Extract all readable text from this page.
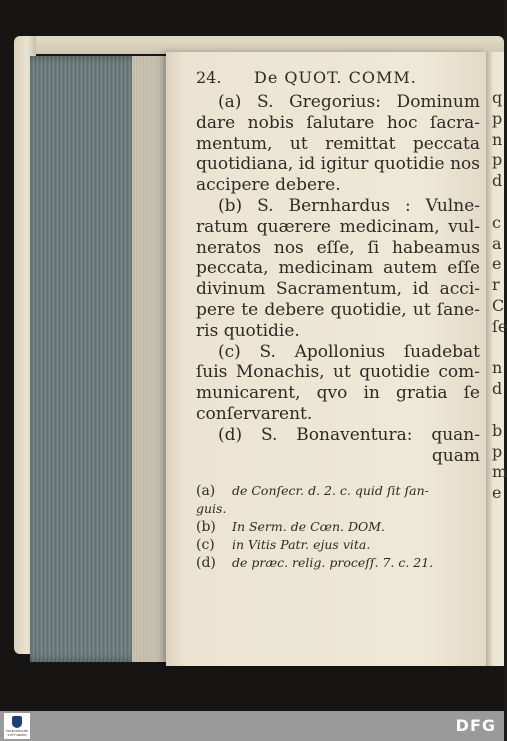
q
p
n
p
d
c
a
e
r
C
ſe
n
d
b
p
m
e
24. De QUOT. COMM.
(a) S. Gregorius: Dominum
dare nobis ſalutare hoc ſacra-
mentum, ut remittat peccata
quotidiana, id igitur quotidie nos
accipere debere.
(b) S. Bernhardus : Vulne-
ratum quærere medicinam, vul-
neratos nos eſſe, ſi habeamus
peccata, medicinam autem eſſe
divinum Sacramentum, id acci-
pere te debere quotidie, ut ſane-
ris quotidie.
(c) S. Apollonius ſuadebat
ſuis Monachis, ut quotidie com-
municarent, qvo in gratia ſe
conſervarent.
(d) S. Bonaventura: quan-
quam
(a)	de Conſecr. d. 2. c. quid ſit ſan-
guis.
(b)	In Serm. de Cœn. DOM.
(c)	in Vitis Patr. ejus vita.
(d)	de præc. relig. proceſſ. 7. c. 21.
FRANCKESCHE STIFTUNGEN	DFG
